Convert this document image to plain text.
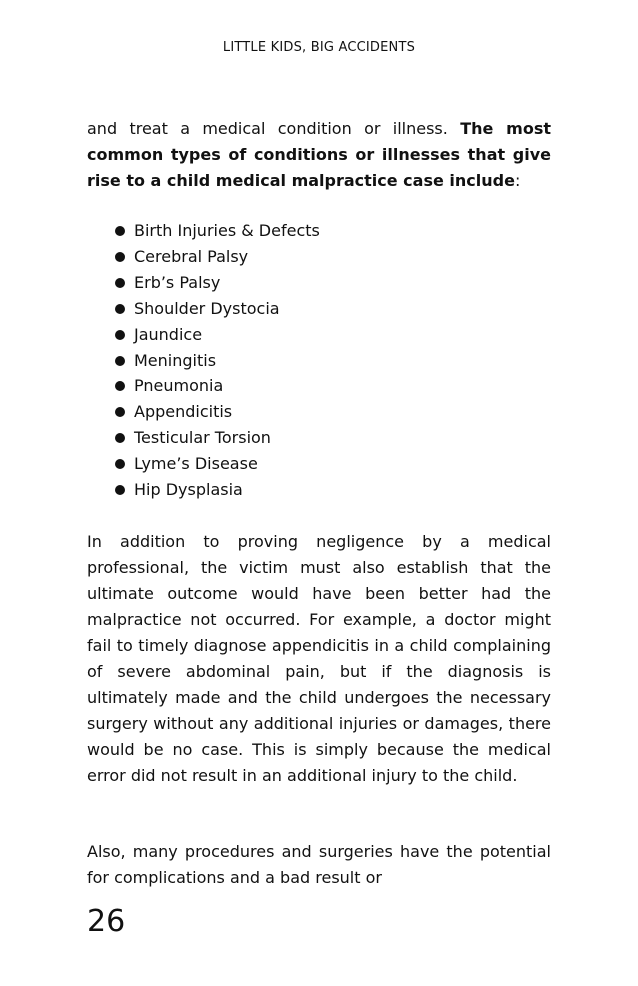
LITTLE KIDS, BIG ACCIDENTS
and treat a medical condition or illness. The most common types of conditions or illnesses that give rise to a child medical malpractice case include:
Birth Injuries & Defects
Cerebral Palsy
Erb’s Palsy
Shoulder Dystocia
Jaundice
Meningitis
Pneumonia
Appendicitis
Testicular Torsion
Lyme’s Disease
Hip Dysplasia
In addition to proving negligence by a medical professional, the victim must also establish that the ultimate outcome would have been better had the malpractice not occurred. For example, a doctor might fail to timely diagnose appendicitis in a child complaining of severe abdominal pain, but if the diagnosis is ultimately made and the child undergoes the necessary surgery without any additional injuries or damages, there would be no case. This is simply because the medical error did not result in an additional injury to the child.
Also, many procedures and surgeries have the potential for complications and a bad result or
26
